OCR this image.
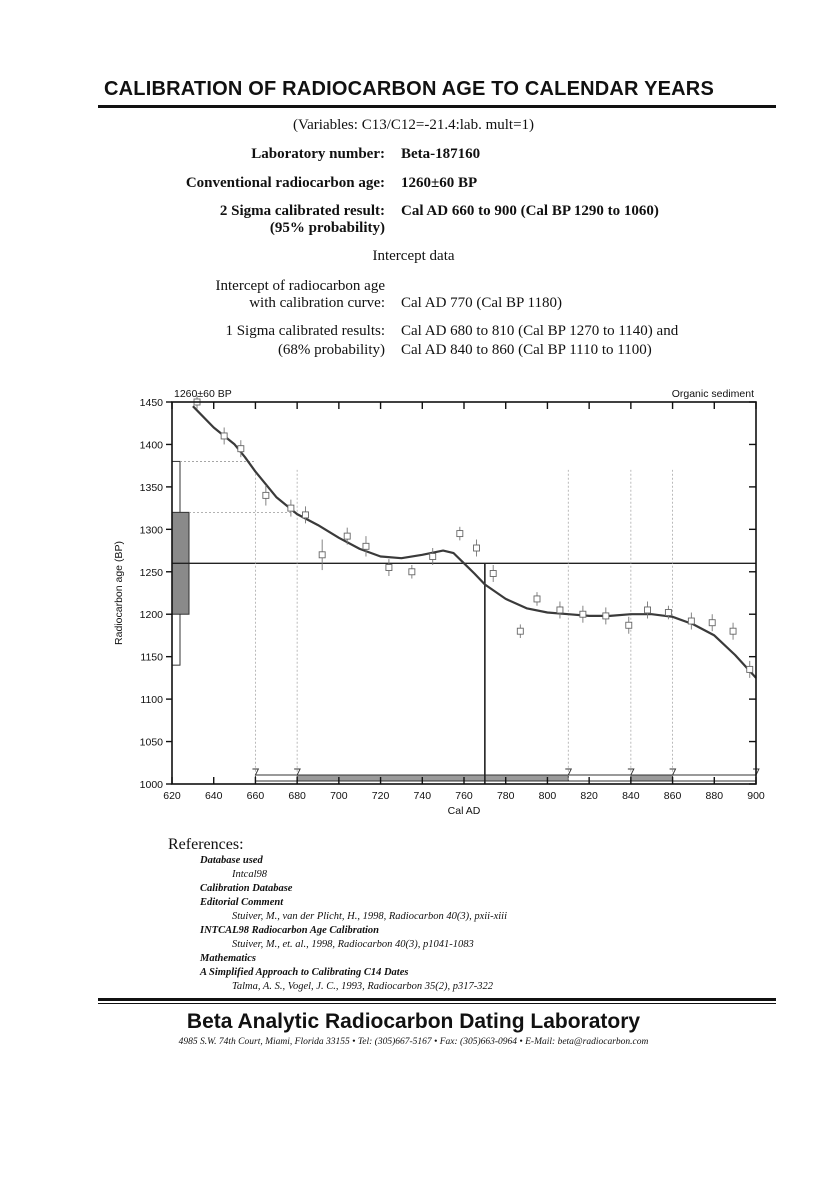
CALIBRATION OF RADIOCARBON AGE TO CALENDAR YEARS
(Variables: C13/C12=-21.4:lab. mult=1)
Laboratory number: Beta-187160
Conventional radiocarbon age: 1260±60 BP
2 Sigma calibrated result: Cal AD 660 to 900 (Cal BP 1290 to 1060)
(95% probability)
Intercept data
Intercept of radiocarbon age
with calibration curve: Cal AD 770 (Cal BP 1180)
1 Sigma calibrated results: Cal AD 680 to 810 (Cal BP 1270 to 1140) and
(68% probability) Cal AD 840 to 860 (Cal BP 1110 to 1100)
620 640 660 680 700 720 740 760 780 800 820 840 860 880 900
1000
1050
1100
1150
1200
1250
1300
1350
1400
1450
Cal AD
Radiocarbon age (BP)
1260±60 BP	Organic sediment
References:
Database used
Intcal98
Calibration Database
Editorial Comment
Stuiver, M., van der Plicht, H., 1998, Radiocarbon 40(3), pxii-xiii
INTCAL98 Radiocarbon Age Calibration
Stuiver, M., et. al., 1998, Radiocarbon 40(3), p1041-1083
Mathematics
A Simplified Approach to Calibrating C14 Dates
Talma, A. S., Vogel, J. C., 1993, Radiocarbon 35(2), p317-322
Beta Analytic Radiocarbon Dating Laboratory
4985 S.W. 74th Court, Miami, Florida 33155 • Tel: (305)667-5167 • Fax: (305)663-0964 • E-Mail: beta@radiocarbon.com
